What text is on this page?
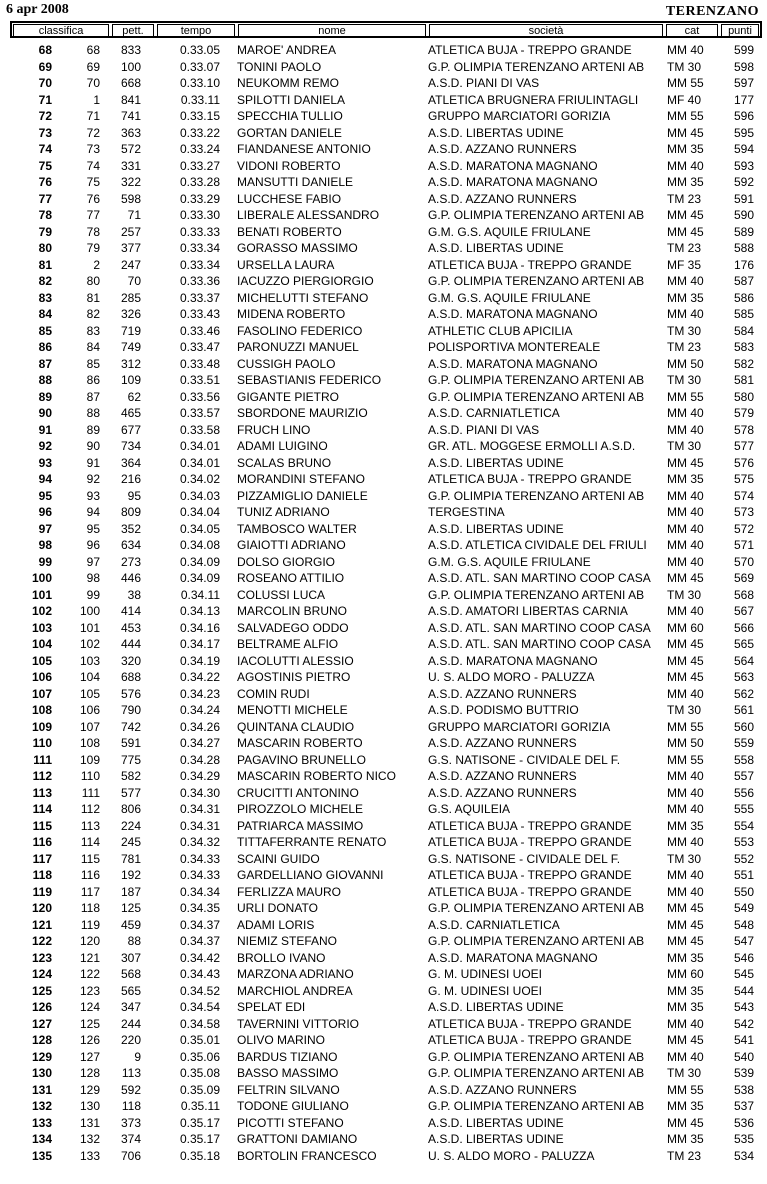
6 apr 2008	TERENZANO
classifica	pett.	tempo	nome	società	cat	punti
68	68	833	0.33.05 MAROE' ANDREA	ATLETICA BUJA - TREPPO GRANDE	MM 40	599
69	69	100	0.33.07 TONINI PAOLO	G.P. OLIMPIA TERENZANO ARTENI AB	TM 30	598
70	70	668	0.33.10 NEUKOMM REMO	A.S.D. PIANI DI VAS	MM 55	597
71	1	841	0.33.11 SPILOTTI DANIELA	ATLETICA BRUGNERA FRIULINTAGLI	MF 40	177
72	71	741	0.33.15 SPECCHIA TULLIO	GRUPPO MARCIATORI GORIZIA	MM 55	596
73	72	363	0.33.22 GORTAN DANIELE	A.S.D. LIBERTAS UDINE	MM 45	595
74	73	572	0.33.24 FIANDANESE ANTONIO	A.S.D. AZZANO RUNNERS	MM 35	594
75	74	331	0.33.27 VIDONI ROBERTO	A.S.D. MARATONA MAGNANO	MM 40	593
76	75	322	0.33.28 MANSUTTI DANIELE	A.S.D. MARATONA MAGNANO	MM 35	592
77	76	598	0.33.29 LUCCHESE FABIO	A.S.D. AZZANO RUNNERS	TM 23	591
78	77	71	0.33.30 LIBERALE ALESSANDRO	G.P. OLIMPIA TERENZANO ARTENI AB	MM 45	590
79	78	257	0.33.33 BENATI ROBERTO	G.M. G.S. AQUILE FRIULANE	MM 45	589
80	79	377	0.33.34 GORASSO MASSIMO	A.S.D. LIBERTAS UDINE	TM 23	588
81	2	247	0.33.34 URSELLA LAURA	ATLETICA BUJA - TREPPO GRANDE	MF 35	176
82	80	70	0.33.36 IACUZZO PIERGIORGIO	G.P. OLIMPIA TERENZANO ARTENI AB	MM 40	587
83	81	285	0.33.37 MICHELUTTI STEFANO	G.M. G.S. AQUILE FRIULANE	MM 35	586
84	82	326	0.33.43 MIDENA ROBERTO	A.S.D. MARATONA MAGNANO	MM 40	585
85	83	719	0.33.46 FASOLINO FEDERICO	ATHLETIC CLUB APICILIA	TM 30	584
86	84	749	0.33.47 PARONUZZI MANUEL	POLISPORTIVA MONTEREALE	TM 23	583
87	85	312	0.33.48 CUSSIGH PAOLO	A.S.D. MARATONA MAGNANO	MM 50	582
88	86	109	0.33.51 SEBASTIANIS FEDERICO	G.P. OLIMPIA TERENZANO ARTENI AB	TM 30	581
89	87	62	0.33.56 GIGANTE PIETRO	G.P. OLIMPIA TERENZANO ARTENI AB	MM 55	580
90	88	465	0.33.57 SBORDONE MAURIZIO	A.S.D. CARNIATLETICA	MM 40	579
91	89	677	0.33.58 FRUCH LINO	A.S.D. PIANI DI VAS	MM 40	578
92	90	734	0.34.01 ADAMI LUIGINO	GR. ATL. MOGGESE ERMOLLI A.S.D.	TM 30	577
93	91	364	0.34.01 SCALAS BRUNO	A.S.D. LIBERTAS UDINE	MM 45	576
94	92	216	0.34.02 MORANDINI STEFANO	ATLETICA BUJA - TREPPO GRANDE	MM 35	575
95	93	95	0.34.03 PIZZAMIGLIO DANIELE	G.P. OLIMPIA TERENZANO ARTENI AB	MM 40	574
96	94	809	0.34.04 TUNIZ ADRIANO	TERGESTINA	MM 40	573
97	95	352	0.34.05 TAMBOSCO WALTER	A.S.D. LIBERTAS UDINE	MM 40	572
98	96	634	0.34.08 GIAIOTTI ADRIANO	A.S.D. ATLETICA CIVIDALE DEL FRIULI	MM 40	571
99	97	273	0.34.09 DOLSO GIORGIO	G.M. G.S. AQUILE FRIULANE	MM 40	570
100	98	446	0.34.09 ROSEANO ATTILIO	A.S.D. ATL. SAN MARTINO COOP CASA	MM 45	569
101	99	38	0.34.11 COLUSSI LUCA	G.P. OLIMPIA TERENZANO ARTENI AB	TM 30	568
102	100	414	0.34.13 MARCOLIN BRUNO	A.S.D. AMATORI LIBERTAS CARNIA	MM 40	567
103	101	453	0.34.16 SALVADEGO ODDO	A.S.D. ATL. SAN MARTINO COOP CASA	MM 60	566
104	102	444	0.34.17 BELTRAME ALFIO	A.S.D. ATL. SAN MARTINO COOP CASA	MM 45	565
105	103	320	0.34.19 IACOLUTTI ALESSIO	A.S.D. MARATONA MAGNANO	MM 45	564
106	104	688	0.34.22 AGOSTINIS PIETRO	U. S. ALDO MORO - PALUZZA	MM 45	563
107	105	576	0.34.23 COMIN RUDI	A.S.D. AZZANO RUNNERS	MM 40	562
108	106	790	0.34.24 MENOTTI MICHELE	A.S.D. PODISMO BUTTRIO	TM 30	561
109	107	742	0.34.26 QUINTANA CLAUDIO	GRUPPO MARCIATORI GORIZIA	MM 55	560
110	108	591	0.34.27 MASCARIN ROBERTO	A.S.D. AZZANO RUNNERS	MM 50	559
111	109	775	0.34.28 PAGAVINO BRUNELLO	G.S. NATISONE - CIVIDALE DEL F.	MM 55	558
112	110	582	0.34.29 MASCARIN ROBERTO NICO	A.S.D. AZZANO RUNNERS	MM 40	557
113	111	577	0.34.30 CRUCITTI ANTONINO	A.S.D. AZZANO RUNNERS	MM 40	556
114	112	806	0.34.31 PIROZZOLO MICHELE	G.S. AQUILEIA	MM 40	555
115	113	224	0.34.31 PATRIARCA MASSIMO	ATLETICA BUJA - TREPPO GRANDE	MM 35	554
116	114	245	0.34.32 TITTAFERRANTE RENATO	ATLETICA BUJA - TREPPO GRANDE	MM 40	553
117	115	781	0.34.33 SCAINI GUIDO	G.S. NATISONE - CIVIDALE DEL F.	TM 30	552
118	116	192	0.34.33 GARDELLIANO GIOVANNI	ATLETICA BUJA - TREPPO GRANDE	MM 40	551
119	117	187	0.34.34 FERLIZZA MAURO	ATLETICA BUJA - TREPPO GRANDE	MM 40	550
120	118	125	0.34.35 URLI DONATO	G.P. OLIMPIA TERENZANO ARTENI AB	MM 45	549
121	119	459	0.34.37 ADAMI LORIS	A.S.D. CARNIATLETICA	MM 45	548
122	120	88	0.34.37 NIEMIZ STEFANO	G.P. OLIMPIA TERENZANO ARTENI AB	MM 45	547
123	121	307	0.34.42 BROLLO IVANO	A.S.D. MARATONA MAGNANO	MM 35	546
124	122	568	0.34.43 MARZONA ADRIANO	G. M. UDINESI UOEI	MM 60	545
125	123	565	0.34.52 MARCHIOL ANDREA	G. M. UDINESI UOEI	MM 35	544
126	124	347	0.34.54 SPELAT EDI	A.S.D. LIBERTAS UDINE	MM 35	543
127	125	244	0.34.58 TAVERNINI VITTORIO	ATLETICA BUJA - TREPPO GRANDE	MM 40	542
128	126	220	0.35.01 OLIVO MARINO	ATLETICA BUJA - TREPPO GRANDE	MM 45	541
129	127	9	0.35.06 BARDUS TIZIANO	G.P. OLIMPIA TERENZANO ARTENI AB	MM 40	540
130	128	113	0.35.08 BASSO MASSIMO	G.P. OLIMPIA TERENZANO ARTENI AB	TM 30	539
131	129	592	0.35.09 FELTRIN SILVANO	A.S.D. AZZANO RUNNERS	MM 55	538
132	130	118	0.35.11 TODONE GIULIANO	G.P. OLIMPIA TERENZANO ARTENI AB	MM 35	537
133	131	373	0.35.17 PICOTTI STEFANO	A.S.D. LIBERTAS UDINE	MM 45	536
134	132	374	0.35.17 GRATTONI DAMIANO	A.S.D. LIBERTAS UDINE	MM 35	535
135	133	706	0.35.18 BORTOLIN FRANCESCO	U. S. ALDO MORO - PALUZZA	TM 23	534
